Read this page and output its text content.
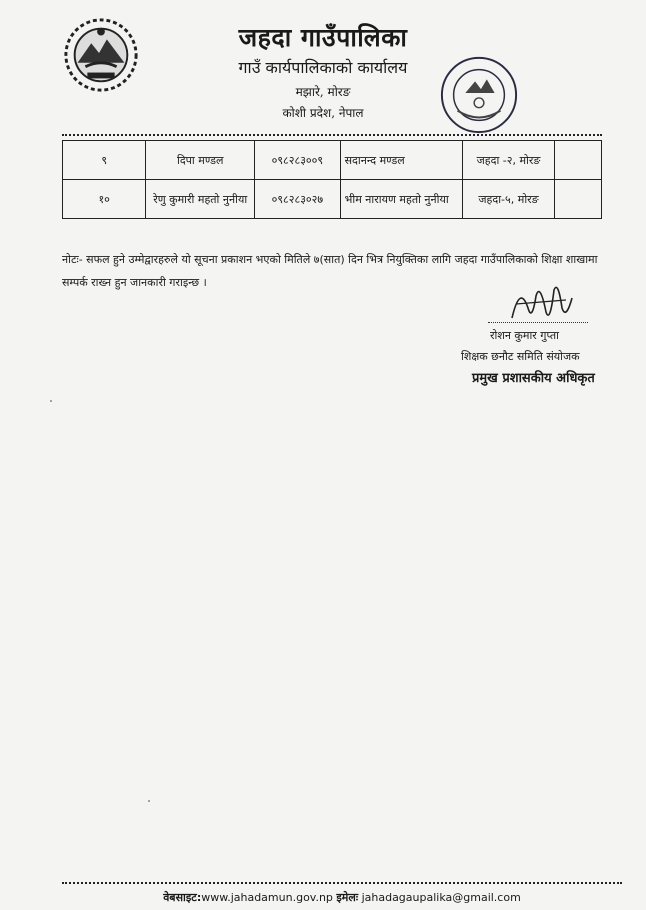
जहदा गाउँपालिका
गाउँ कार्यपालिकाको कार्यालय
मझारे, मोरङ
कोशी प्रदेश, नेपाल
९	दिपा मण्डल	०९८२८३००९	सदानन्द मण्डल	जहदा -२, मोरङ	
१०	रेणु कुमारी महतो नुनीया	०९८२८३०२७	भीम नारायण महतो नुनीया	जहदा-५, मोरङ	
नोटः- सफल हुने उम्मेद्वारहरुले यो सूचना प्रकाशन भएको मितिले ७(सात) दिन भित्र नियुक्तिका लागि जहदा गाउँपालिकाको शिक्षा शाखामा सम्पर्क राख्न हुन जानकारी गराइन्छ ।
रोशन कुमार गुप्ता
शिक्षक छनौट समिति संयोजक
प्रमुख प्रशासकीय अधिकृत
वेबसाइट:www.jahadamun.gov.np इमेलः jahadagaupalika@gmail.com
